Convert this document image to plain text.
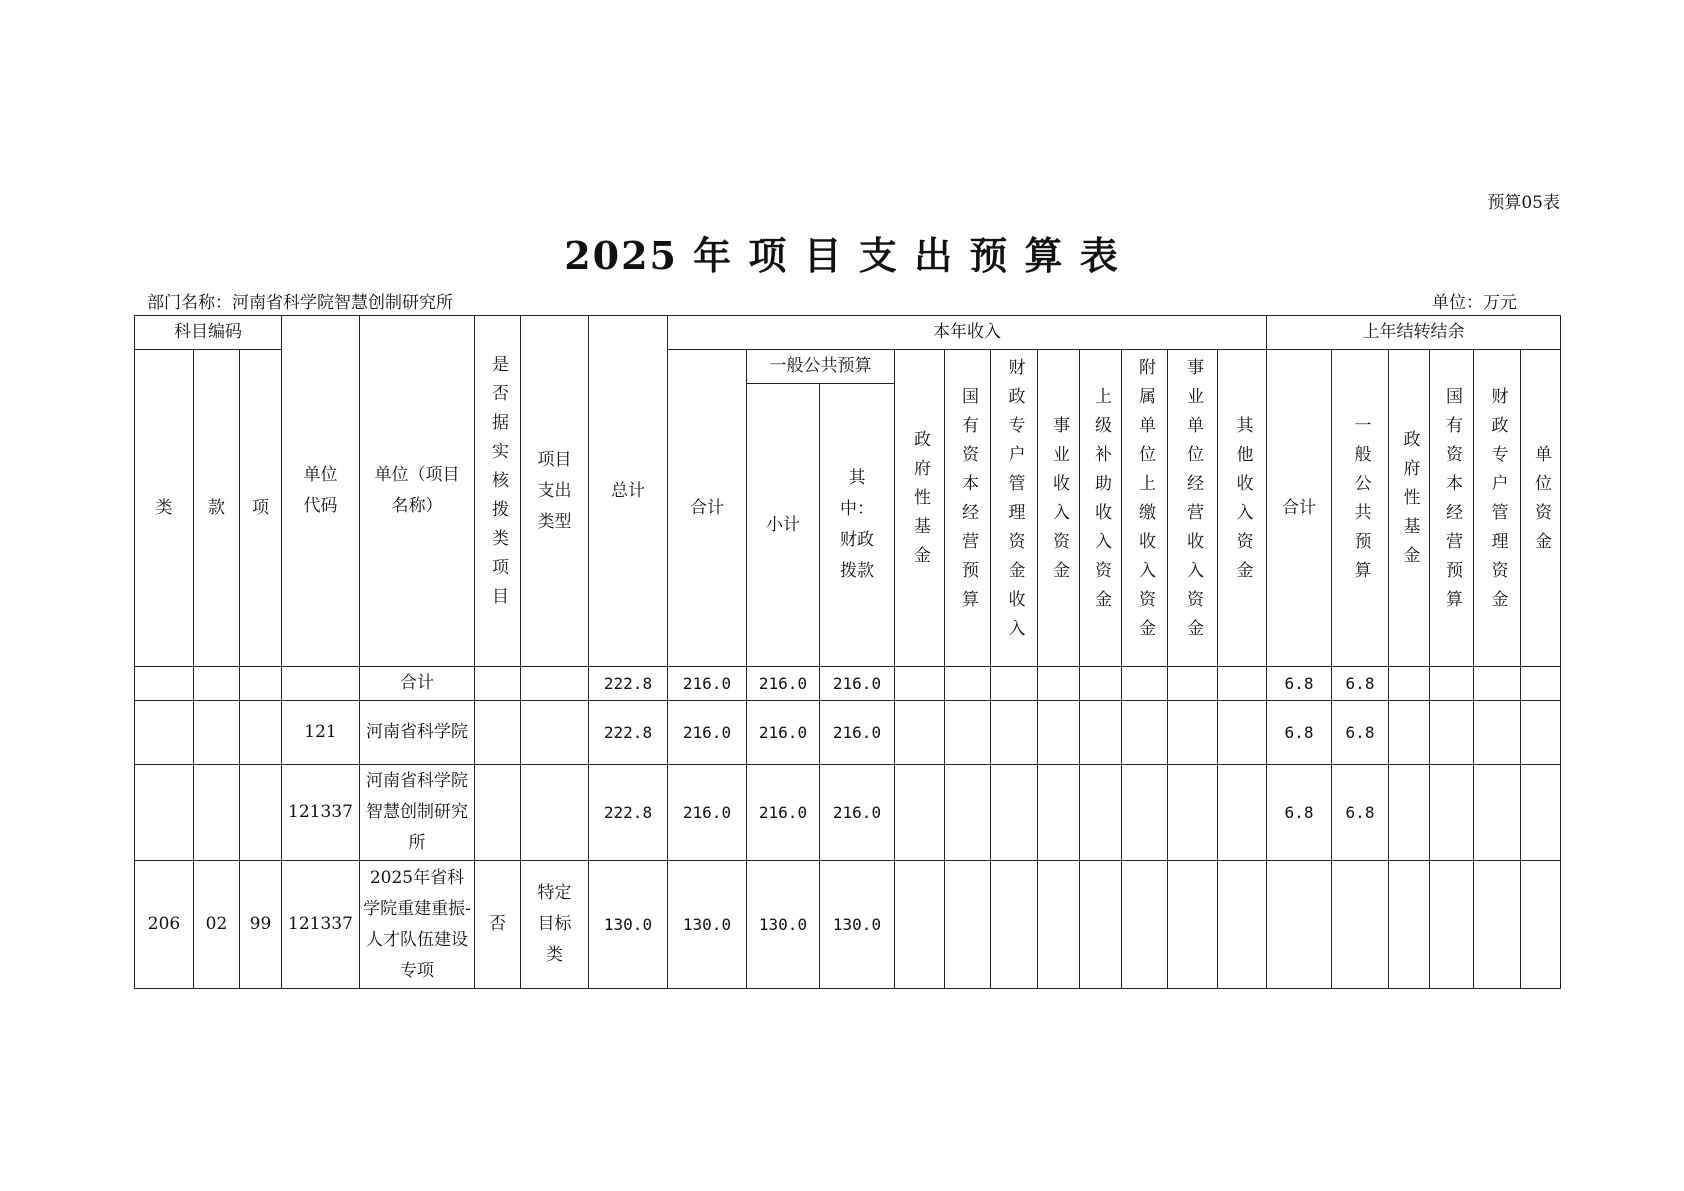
预算05表
2025 年 项 目 支 出 预 算 表
部门名称：河南省科学院智慧创制研究所	单位：万元
科目编码			单位代码	单位（项目名称）	是否据实核拨类项目	项目支出类型	总计	本年收入											上年结转结余					
类	款	项						合计	一般公共预算		政府性基金	国有资本经营预算	财政专户管理资金收入	事业收入资金	上级补助收入资金	附属单位上缴收入资金	事业单位经营收入资金	其他收入资金	合计	一般公共预算	政府性基金	国有资本经营预算	财政专户管理资金	单位资金
									小计	其中：财政拨款														

				合计			222.8	216.0	216.0	216.0									6.8	6.8				
			121	河南省科学院			222.8	216.0	216.0	216.0									6.8	6.8				
			121337	河南省科学院智慧创制研究所			222.8	216.0	216.0	216.0									6.8	6.8				
206	02	99	121337	2025年省科学院重建重振-人才队伍建设专项	否	特定目标类	130.0	130.0	130.0	130.0														
